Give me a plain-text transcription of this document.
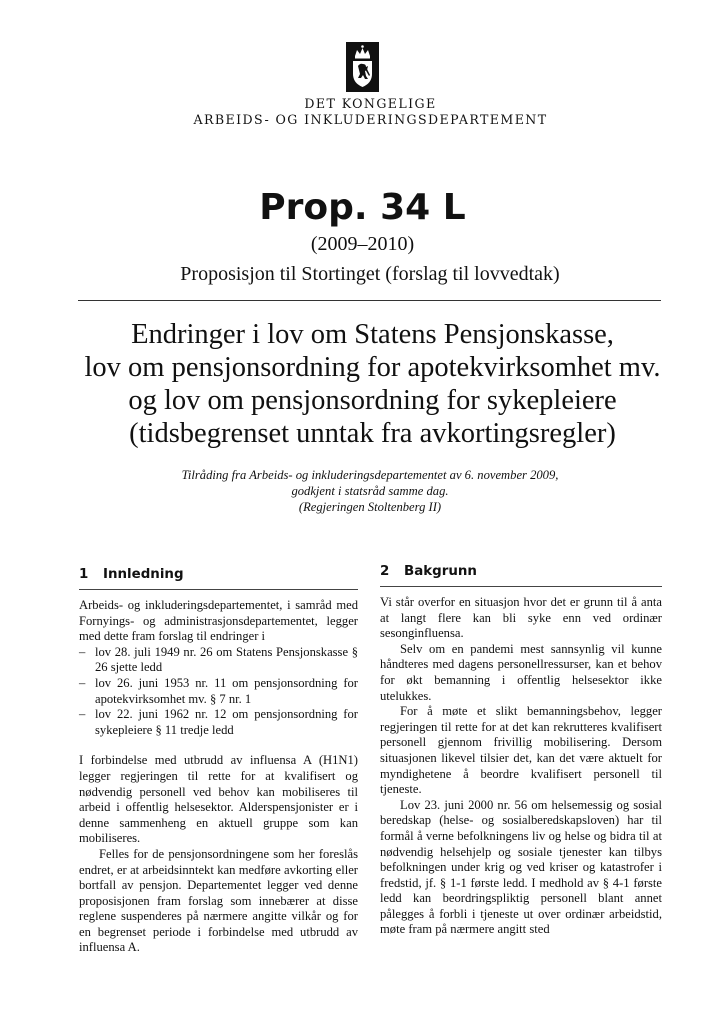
DET KONGELIGE
ARBEIDS- OG INKLUDERINGSDEPARTEMENT
Prop. 34 L
(2009–2010)
Proposisjon til Stortinget (forslag til lovvedtak)
Endringer i lov om Statens Pensjonskasse,
lov om pensjonsordning for apotekvirksomhet mv.
og lov om pensjonsordning for sykepleiere
(tidsbegrenset unntak fra avkortingsregler)
Tilråding fra Arbeids- og inkluderingsdepartementet av 6. november 2009,
godkjent i statsråd samme dag.
(Regjeringen Stoltenberg II)
1 Innledning
Arbeids- og inkluderingsdepartementet, i samråd med Fornyings- og administrasjonsdepartementet, legger med dette fram forslag til endringer i
– lov 28. juli 1949 nr. 26 om Statens Pensjonskasse § 26 sjette ledd
– lov 26. juni 1953 nr. 11 om pensjonsordning for apotekvirksomhet mv. § 7 nr. 1
– lov 22. juni 1962 nr. 12 om pensjonsordning for sykepleiere § 11 tredje ledd
I forbindelse med utbrudd av influensa A (H1N1) legger regjeringen til rette for at kvalifisert og nødvendig personell ved behov kan mobiliseres til arbeid i offentlig helsesektor. Alderspensjonister er i denne sammenheng en aktuell gruppe som kan mobiliseres.
Felles for de pensjonsordningene som her foreslås endret, er at arbeidsinntekt kan medføre avkorting eller bortfall av pensjon. Departementet legger ved denne proposisjonen fram forslag som innebærer at disse reglene suspenderes på nærmere angitte vilkår og for en begrenset periode i forbindelse med utbrudd av influensa A.
2 Bakgrunn
Vi står overfor en situasjon hvor det er grunn til å anta at langt flere kan bli syke enn ved ordinær sesonginfluensa.
Selv om en pandemi mest sannsynlig vil kunne håndteres med dagens personellressurser, kan et behov for økt bemanning i offentlig helsesektor ikke utelukkes.
For å møte et slikt bemanningsbehov, legger regjeringen til rette for at det kan rekrutteres kvalifisert personell gjennom frivillig mobilisering. Dersom situasjonen likevel tilsier det, kan det være aktuelt for myndighetene å beordre kvalifisert personell til tjeneste.
Lov 23. juni 2000 nr. 56 om helsemessig og sosial beredskap (helse- og sosialberedskapsloven) har til formål å verne befolkningens liv og helse og bidra til at nødvendig helsehjelp og sosiale tjenester kan tilbys befolkningen under krig og ved kriser og katastrofer i fredstid, jf. § 1-1 første ledd. I medhold av § 4-1 første ledd kan beordringspliktig personell blant annet pålegges å forbli i tjeneste ut over ordinær arbeidstid, møte fram på nærmere angitt sted
